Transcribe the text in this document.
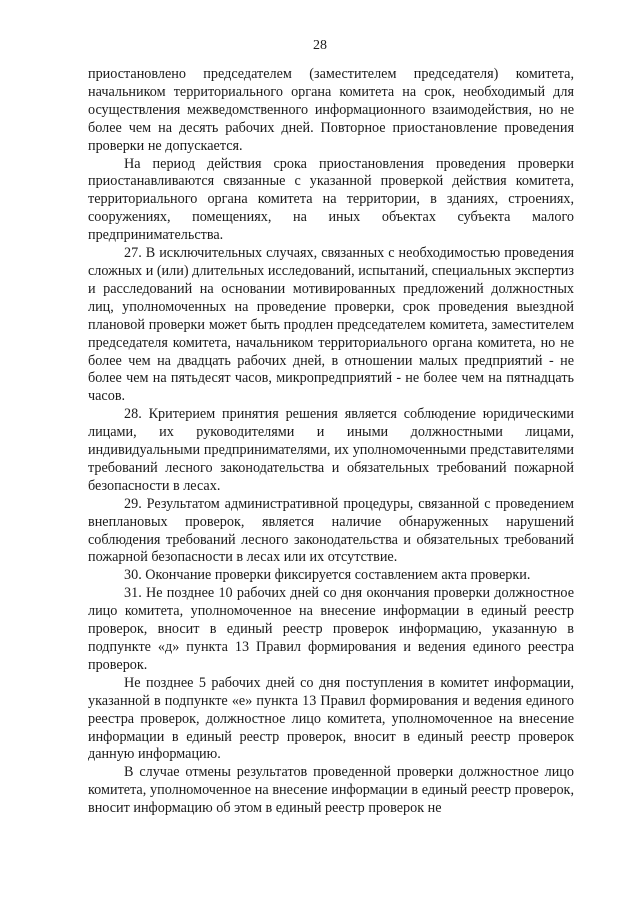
28

приостановлено председателем (заместителем председателя) комитета, начальником территориального органа комитета на срок, необходимый для осуществления межведомственного информационного взаимодействия, но не более чем на десять рабочих дней. Повторное приостановление проведения проверки не допускается.

На период действия срока приостановления проведения проверки приостанавливаются связанные с указанной проверкой действия комитета, территориального органа комитета на территории, в зданиях, строениях, сооружениях, помещениях, на иных объектах субъекта малого предпринимательства.

27. В исключительных случаях, связанных с необходимостью проведения сложных и (или) длительных исследований, испытаний, специальных экспертиз и расследований на основании мотивированных предложений должностных лиц, уполномоченных на проведение проверки, срок проведения выездной плановой проверки может быть продлен председателем комитета, заместителем председателя комитета, начальником территориального органа комитета, но не более чем на двадцать рабочих дней, в отношении малых предприятий - не более чем на пятьдесят часов, микропредприятий - не более чем на пятнадцать часов.

28. Критерием принятия решения является соблюдение юридическими лицами, их руководителями и иными должностными лицами, индивидуальными предпринимателями, их уполномоченными представителями требований лесного законодательства и обязательных требований пожарной безопасности в лесах.

29. Результатом административной процедуры, связанной с проведением внеплановых проверок, является наличие обнаруженных нарушений соблюдения требований лесного законодательства и обязательных требований пожарной безопасности в лесах или их отсутствие.

30. Окончание проверки фиксируется составлением акта проверки.

31. Не позднее 10 рабочих дней со дня окончания проверки должностное лицо комитета, уполномоченное на внесение информации в единый реестр проверок, вносит в единый реестр проверок информацию, указанную в подпункте «д» пункта 13 Правил формирования и ведения единого реестра проверок.

Не позднее 5 рабочих дней со дня поступления в комитет информации, указанной в подпункте «е» пункта 13 Правил формирования и ведения единого реестра проверок, должностное лицо комитета, уполномоченное на внесение информации в единый реестр проверок, вносит в единый реестр проверок данную информацию.

В случае отмены результатов проведенной проверки должностное лицо комитета, уполномоченное на внесение информации в единый реестр проверок, вносит информацию об этом в единый реестр проверок не
